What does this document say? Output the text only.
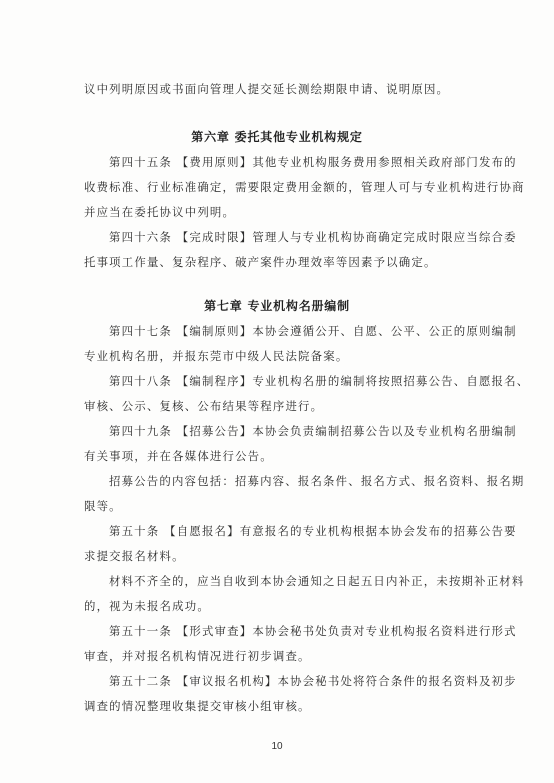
议中列明原因或书面向管理人提交延长测绘期限申请、说明原因。
第六章 委托其他专业机构规定
第四十五条 【费用原则】其他专业机构服务费用参照相关政府部门发布的
收费标准、行业标准确定，需要限定费用金额的，管理人可与专业机构进行协商
并应当在委托协议中列明。
第四十六条 【完成时限】管理人与专业机构协商确定完成时限应当综合委
托事项工作量、复杂程序、破产案件办理效率等因素予以确定。
第七章 专业机构名册编制
第四十七条 【编制原则】本协会遵循公开、自愿、公平、公正的原则编制
专业机构名册，并报东莞市中级人民法院备案。
第四十八条 【编制程序】专业机构名册的编制将按照招募公告、自愿报名、
审核、公示、复核、公布结果等程序进行。
第四十九条 【招募公告】本协会负责编制招募公告以及专业机构名册编制
有关事项，并在各媒体进行公告。
招募公告的内容包括：招募内容、报名条件、报名方式、报名资料、报名期
限等。
第五十条 【自愿报名】有意报名的专业机构根据本协会发布的招募公告要
求提交报名材料。
材料不齐全的，应当自收到本协会通知之日起五日内补正，未按期补正材料
的，视为未报名成功。
第五十一条 【形式审查】本协会秘书处负责对专业机构报名资料进行形式
审查，并对报名机构情况进行初步调查。
第五十二条 【审议报名机构】本协会秘书处将符合条件的报名资料及初步
调查的情况整理收集提交审核小组审核。
10
